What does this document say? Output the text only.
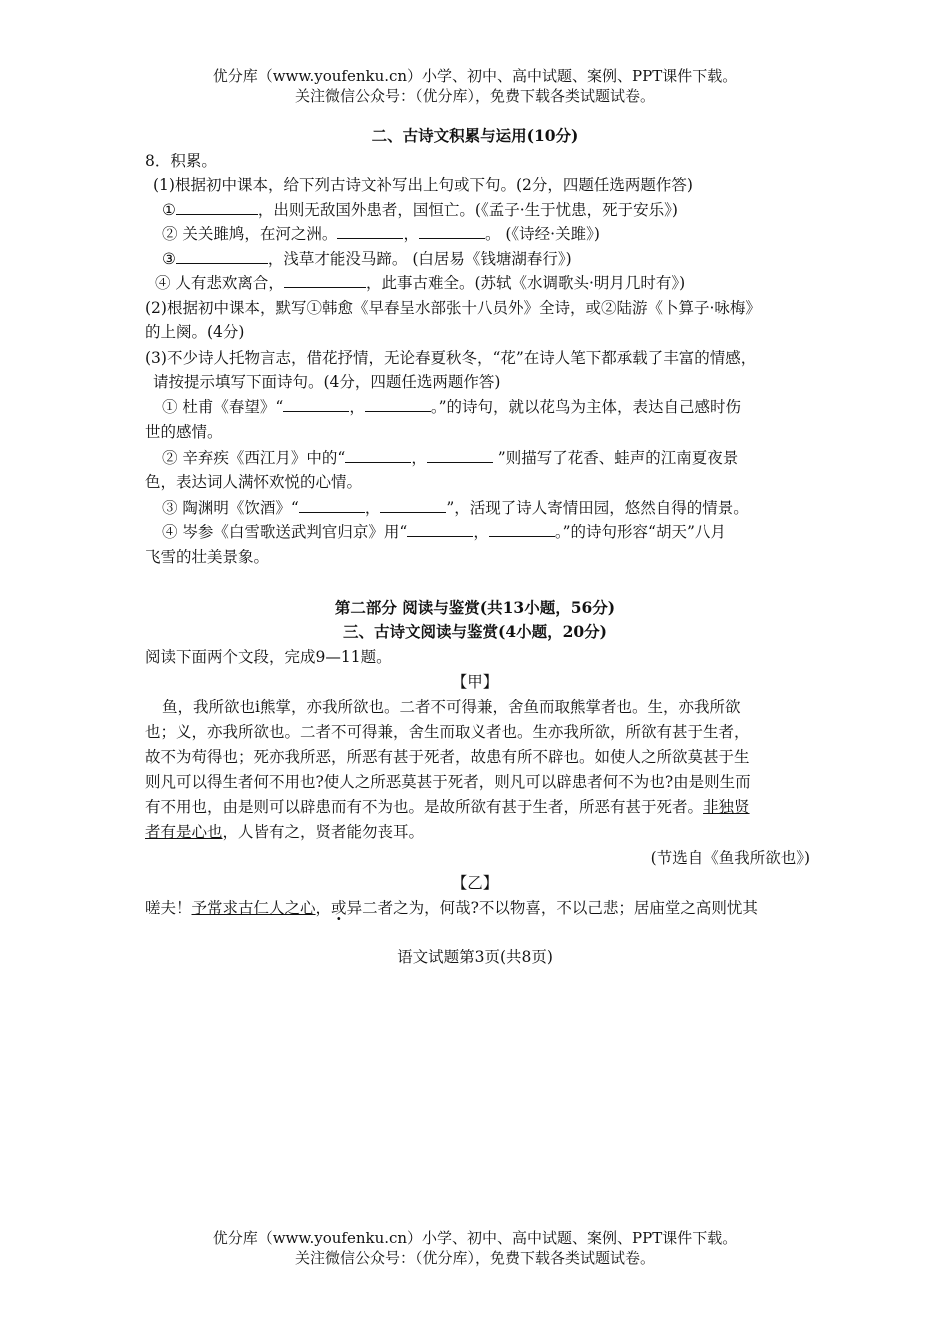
优分库（www.youfenku.cn）小学、初中、高中试题、案例、PPT课件下载。
关注微信公众号：（优分库），免费下载各类试题试卷。
二、古诗文积累与运用(10分)
8．积累。
(1)根据初中课本，给下列古诗文补写出上句或下句。(2分，四题任选两题作答)
①	，出则无敌国外患者，国恒亡。(《孟子·生于忧患，死于安乐》)
② 关关雎鸠，在河之洲。	，	。 (《诗经·关雎》)
③	，浅草才能没马蹄。 (白居易《钱塘湖春行》)
④ 人有悲欢离合，	，此事古难全。(苏轼《水调歌头·明月几时有》)
(2)根据初中课本，默写①韩愈《早春呈水部张十八员外》全诗，或②陆游《卜算子·咏梅》
的上阕。(4分)
(3)不少诗人托物言志，借花抒情，无论春夏秋冬，“花”在诗人笔下都承载了丰富的情感，
请按提示填写下面诗句。(4分，四题任选两题作答)
① 杜甫《春望》“	，	。”的诗句，就以花鸟为主体，表达自己感时伤
世的感情。
② 辛弃疾《西江月》中的“	，	”则描写了花香、蛙声的江南夏夜景
色，表达词人满怀欢悦的心情。
③ 陶渊明《饮酒》“	，	”，活现了诗人寄情田园，悠然自得的情景。
④ 岑参《白雪歌送武判官归京》用“	，	。”的诗句形容“胡天”八月
飞雪的壮美景象。
第二部分 阅读与鉴赏(共13小题，56分)
三、古诗文阅读与鉴赏(4小题，20分)
阅读下面两个文段，完成9—11题。
【甲】
鱼，我所欲也i熊掌，亦我所欲也。二者不可得兼，舍鱼而取熊掌者也。生，亦我所欲
也；义，亦我所欲也。二者不可得兼，舍生而取义者也。生亦我所欲，所欲有甚于生者，
故不为苟得也；死亦我所恶，所恶有甚于死者，故患有所不辟也。如使人之所欲莫甚于生
则凡可以得生者何不用也?使人之所恶莫甚于死者，则凡可以辟患者何不为也?由是则生而
有不用也，由是则可以辟患而有不为也。是故所欲有甚于生者，所恶有甚于死者。非独贤
者有是心也，人皆有之，贤者能勿丧耳。
(节选自《鱼我所欲也》)
【乙】
嗟夫！予常求古仁人之心，或异二者之为，何哉?不以物喜，不以己悲；居庙堂之高则忧其
语文试题第3页(共8页)
优分库（www.youfenku.cn）小学、初中、高中试题、案例、PPT课件下载。
关注微信公众号：（优分库），免费下载各类试题试卷。
